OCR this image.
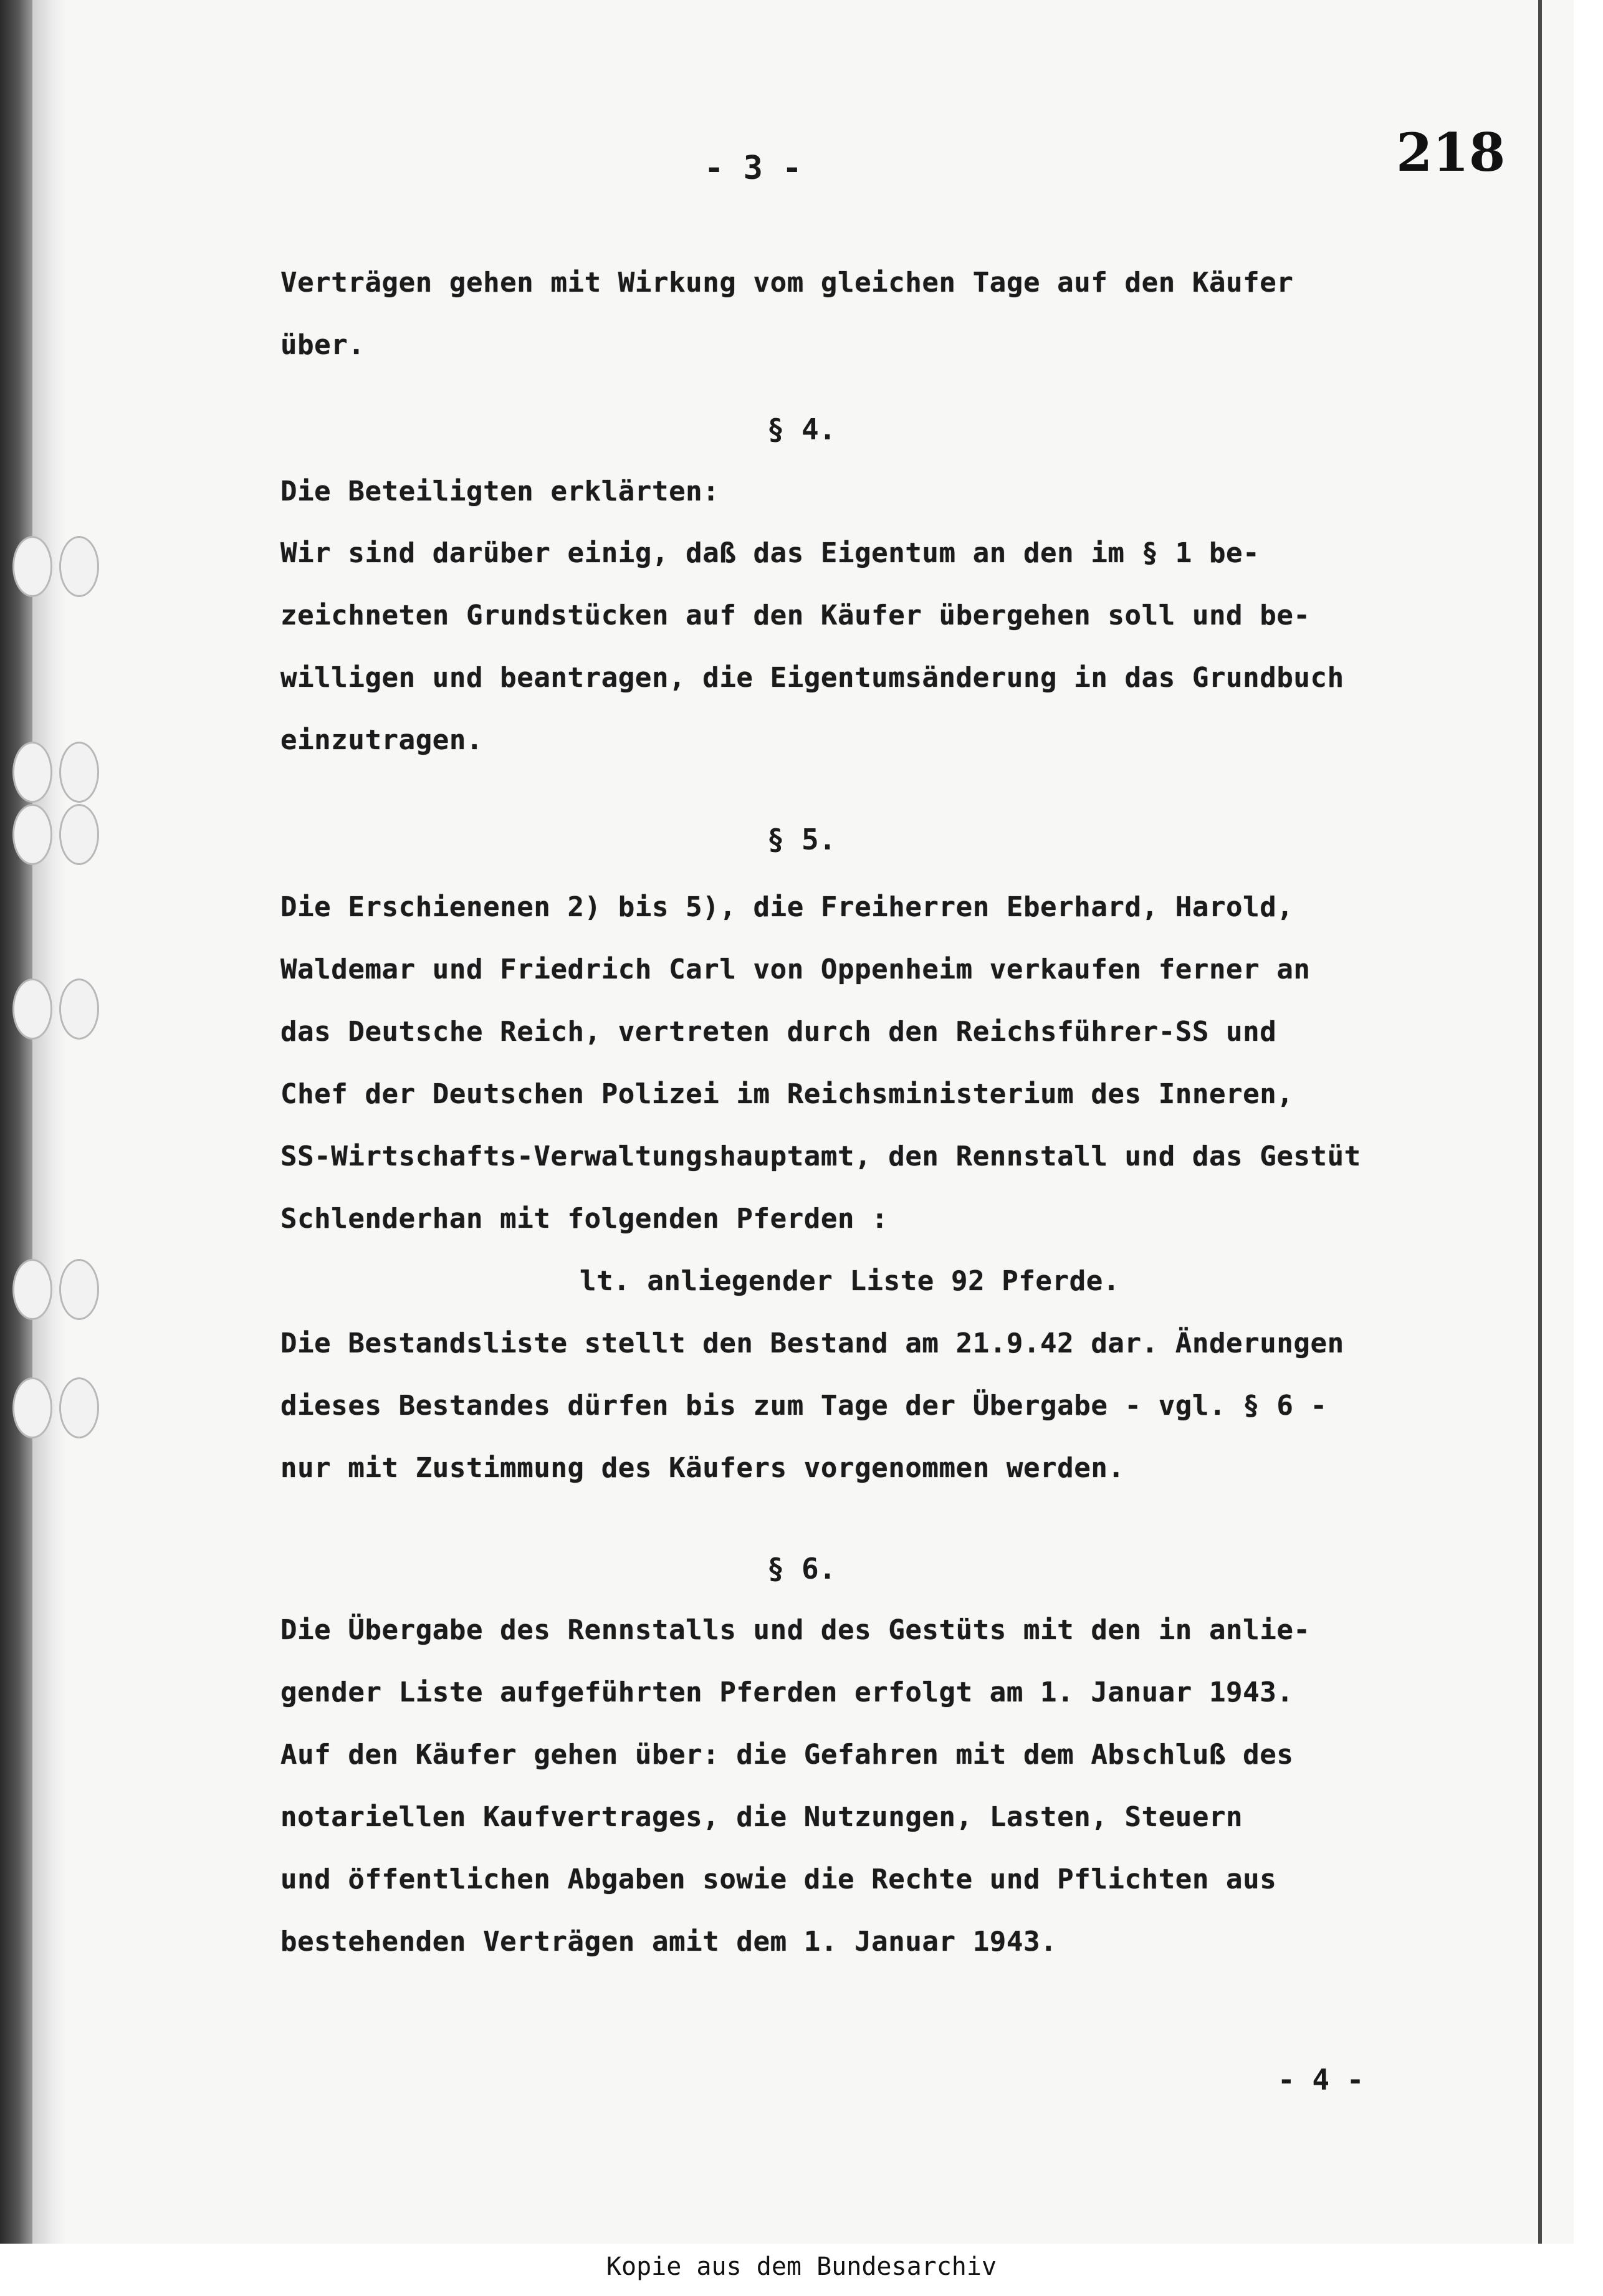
- 3 -	218
Verträgen gehen mit Wirkung vom gleichen Tage auf den Käufer
über.
§ 4.
Die Beteiligten erklärten:
Wir sind darüber einig, daß das Eigentum an den im § 1 be-
zeichneten Grundstücken auf den Käufer übergehen soll und be-
willigen und beantragen, die Eigentumsänderung in das Grundbuch
einzutragen.
§ 5.
Die Erschienenen 2) bis 5), die Freiherren Eberhard, Harold,
Waldemar und Friedrich Carl von Oppenheim verkaufen ferner an
das Deutsche Reich, vertreten durch den Reichsführer-SS und
Chef der Deutschen Polizei im Reichsministerium des Inneren,
SS-Wirtschafts-Verwaltungshauptamt, den Rennstall und das Gestüt
Schlenderhan mit folgenden Pferden :
lt. anliegender Liste 92 Pferde.
Die Bestandsliste stellt den Bestand am 21.9.42 dar. Änderungen
dieses Bestandes dürfen bis zum Tage der Übergabe - vgl. § 6 -
nur mit Zustimmung des Käufers vorgenommen werden.
§ 6.
Die Übergabe des Rennstalls und des Gestüts mit den in anlie-
gender Liste aufgeführten Pferden erfolgt am 1. Januar 1943.
Auf den Käufer gehen über: die Gefahren mit dem Abschluß des
notariellen Kaufvertrages, die Nutzungen, Lasten, Steuern
und öffentlichen Abgaben sowie die Rechte und Pflichten aus
bestehenden Verträgen amit dem 1. Januar 1943.
- 4 -
Kopie aus dem Bundesarchiv
